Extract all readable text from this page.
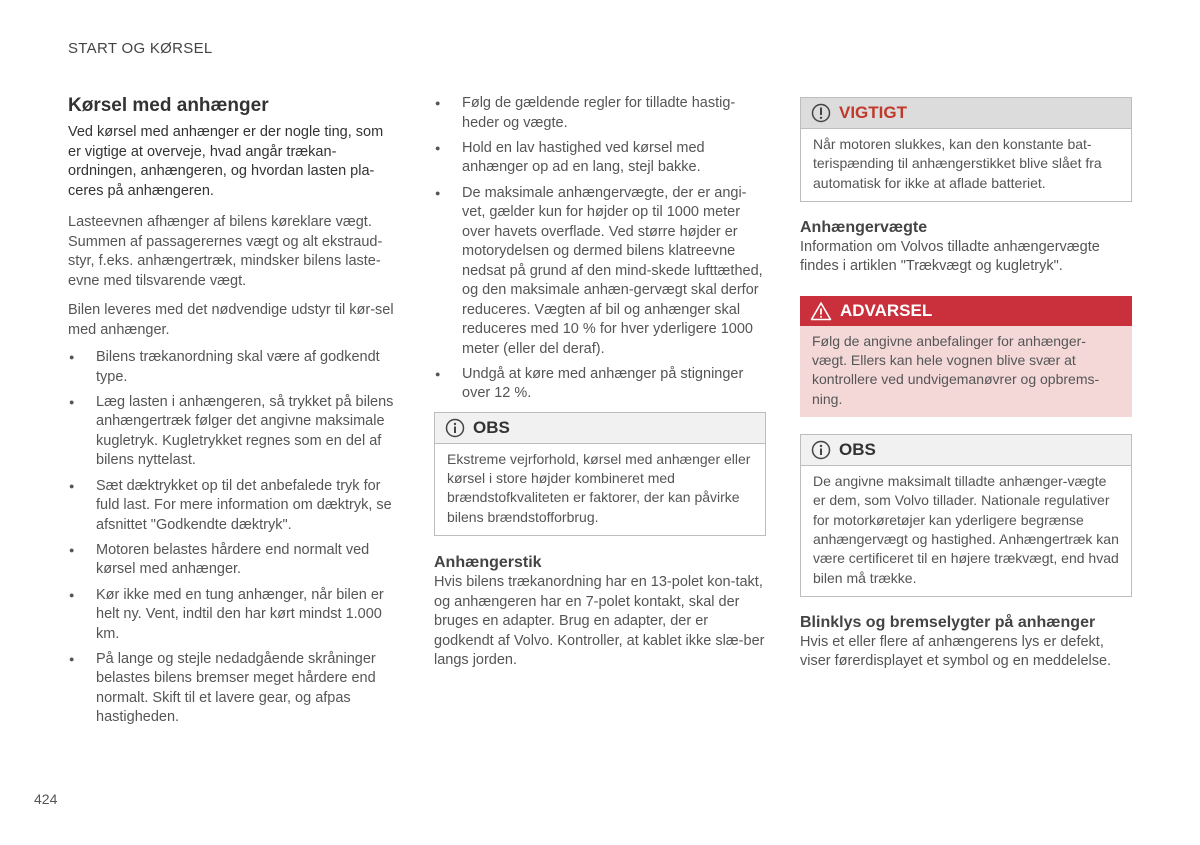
START OG KØRSEL
Kørsel med anhænger

Ved kørsel med anhænger er der nogle ting, som er vigtige at overveje, hvad angår trækan-ordningen, anhængeren, og hvordan lasten pla-ceres på anhængeren.

Lasteevnen afhænger af bilens køreklare vægt. Summen af passagerernes vægt og alt ekstraud-styr, f.eks. anhængertræk, mindsker bilens laste-evne med tilsvarende vægt.

Bilen leveres med det nødvendige udstyr til kør-sel med anhænger.

● Bilens trækanordning skal være af godkendt type.
● Læg lasten i anhængeren, så trykket på bilens anhængertræk følger det angivne maksimale kugletryk. Kugletrykket regnes som en del af bilens nyttelast.
● Sæt dæktrykket op til det anbefalede tryk for fuld last. For mere information om dæktryk, se afsnittet "Godkendte dæktryk".
● Motoren belastes hårdere end normalt ved kørsel med anhænger.
● Kør ikke med en tung anhænger, når bilen er helt ny. Vent, indtil den har kørt mindst 1.000 km.
● På lange og stejle nedadgående skråninger belastes bilens bremser meget hårdere end normalt. Skift til et lavere gear, og afpas hastigheden.
● Følg de gældende regler for tilladte hastig-heder og vægte.
● Hold en lav hastighed ved kørsel med anhænger op ad en lang, stejl bakke.
● De maksimale anhængervægte, der er angi-vet, gælder kun for højder op til 1000 meter over havets overflade. Ved større højder er motorydelsen og dermed bilens klatreevne nedsat på grund af den mind-skede lufttæthed, og den maksimale anhæn-gervægt skal derfor reduceres. Vægten af bil og anhænger skal reduceres med 10 % for hver yderligere 1000 meter (eller del deraf).
● Undgå at køre med anhænger på stigninger over 12 %.
OBS

Ekstreme vejrforhold, kørsel med anhænger eller kørsel i store højder kombineret med brændstofkvaliteten er faktorer, der kan påvirke bilens brændstofforbrug.

Anhængerstik

Hvis bilens trækanordning har en 13-polet kon-takt, og anhængeren har en 7-polet kontakt, skal der bruges en adapter. Brug en adapter, der er godkendt af Volvo. Kontroller, at kablet ikke slæ-ber langs jorden.

VIGTIGT

Når motoren slukkes, kan den konstante bat-terispænding til anhængerstikket blive slået fra automatisk for ikke at aflade batteriet.

Anhængervægte

Information om Volvos tilladte anhængervægte findes i artiklen "Trækvægt og kugletryk".

ADVARSEL

Følg de angivne anbefalinger for anhænger-vægt. Ellers kan hele vognen blive svær at kontrollere ved undvigemanøvrer og opbrems-ning.

OBS

De angivne maksimalt tilladte anhænger-vægte er dem, som Volvo tillader. Nationale regulativer for motorkøretøjer kan yderligere begrænse anhængervægt og hastighed. Anhængertræk kan være certificeret til en højere trækvægt, end hvad bilen må trække.

Blinklys og bremselygter på anhænger

Hvis et eller flere af anhængerens lys er defekt, viser førerdisplayet et symbol og en meddelelse.

424
